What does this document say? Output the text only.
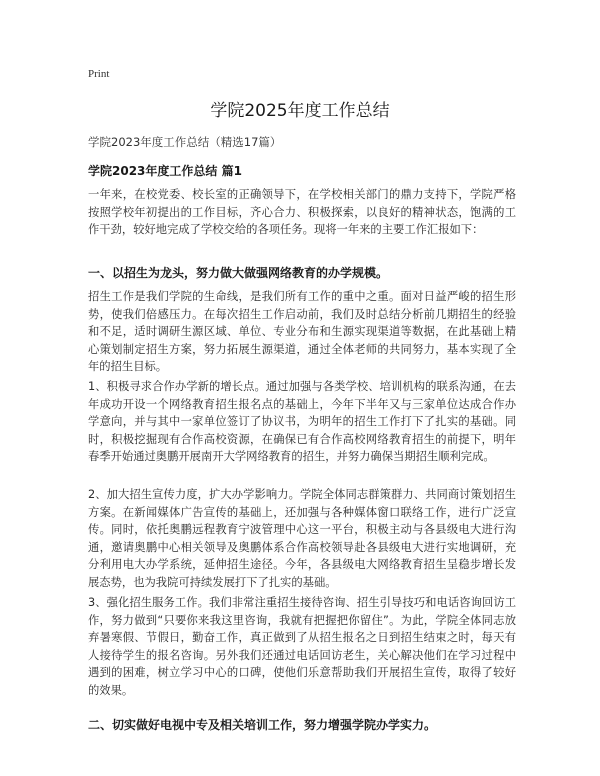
Print
学院2025年度工作总结
学院2023年度工作总结（精选17篇）
学院2023年度工作总结 篇1
一年来，在校党委、校长室的正确领导下，在学校相关部门的鼎力支持下，学院严格按照学校年初提出的工作目标，齐心合力、积极探索，以良好的精神状态，饱满的工作干劲，较好地完成了学校交给的各项任务。现将一年来的主要工作汇报如下：
一、以招生为龙头，努力做大做强网络教育的办学规模。
招生工作是我们学院的生命线，是我们所有工作的重中之重。面对日益严峻的招生形势，使我们倍感压力。在每次招生工作启动前，我们及时总结分析前几期招生的经验和不足，适时调研生源区域、单位、专业分布和生源实现渠道等数据，在此基础上精心策划制定招生方案，努力拓展生源渠道，通过全体老师的共同努力，基本实现了全年的招生目标。
1、积极寻求合作办学新的增长点。通过加强与各类学校、培训机构的联系沟通，在去年成功开设一个网络教育招生报名点的基础上，今年下半年又与三家单位达成合作办学意向，并与其中一家单位签订了协议书，为明年的招生工作打下了扎实的基础。同时，积极挖掘现有合作高校资源，在确保已有合作高校网络教育招生的前提下，明年春季开始通过奥鹏开展南开大学网络教育的招生，并努力确保当期招生顺利完成。
2、加大招生宣传力度，扩大办学影响力。学院全体同志群策群力、共同商讨策划招生方案。在新闻媒体广告宣传的基础上，还加强与各种媒体窗口联络工作，进行广泛宣传。同时，依托奥鹏远程教育宁波管理中心这一平台，积极主动与各县级电大进行沟通，邀请奥鹏中心相关领导及奥鹏体系合作高校领导赴各县级电大进行实地调研，充分利用电大办学系统，延伸招生途径。今年，各县级电大网络教育招生呈稳步增长发展态势，也为我院可持续发展打下了扎实的基础。
3、强化招生服务工作。我们非常注重招生接待咨询、招生引导技巧和电话咨询回访工作，努力做到“只要你来我这里咨询，我就有把握把你留住”。为此，学院全体同志放弃暑寒假、节假日，勤奋工作，真正做到了从招生报名之日到招生结束之时，每天有人接待学生的报名咨询。另外我们还通过电话回访老生，关心解决他们在学习过程中遇到的困难，树立学习中心的口碑，使他们乐意帮助我们开展招生宣传，取得了较好的效果。
二、切实做好电视中专及相关培训工作，努力增强学院办学实力。
